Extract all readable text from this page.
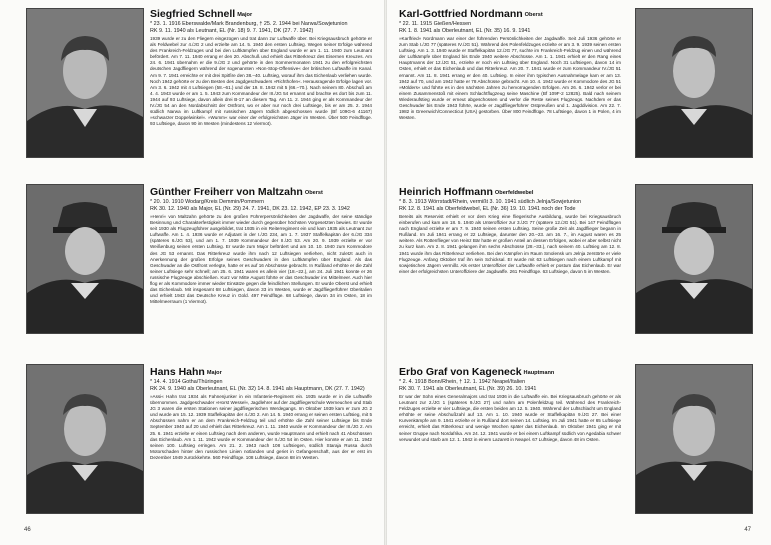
Siegfried Schnell Major
* 23. 1. 1916 Eberswalde/Mark Brandenburg, † 25. 2. 1944 bei Narwa/Sowjetunion
RK 9. 11. 1940 als Leutnant, EL (Nr. 18) 9. 7. 1941, DK (27. 7. 1942)

1939 wurde er zu den Fliegern eingezogen und trat dann zur Luftwaffe über. Bei Kriegsausbruch gehörte er als Feldwebel zur 4./JG 2 und erzielte am 14. 5. 1940 den ersten Luftsieg. Wegen seiner Erfolge während des Frankreich-Feldzuges und bei den Luftkämpfen über England wurde er am 1. 11. 1940 zum Leutnant befördert. Am 7. 11. 1940 errang er den 20. Abschuß und erhielt das Ritterkreuz des Eisernen Kreuzes. Am 24. 6. 1941 übernahm er die 9./JG 2 und gehörte in den Sommermonaten 1941 zu den erfolgreichsten deutschen Jagdfliegern während der sogenannten »Non-Stop-Offensive« der britischen Luftwaffe im Kanal. Am 9. 7. 1941 erreichte er mit drei Spitfire den 38.–40. Luftsieg, worauf ihm das Eichenlaub verliehen wurde. Noch 1942 gehörte er zu den Besten des Jagdgeschwaders »Richthofen«. Herausragende Erfolge lagen vor. Am 3. 6. 1942 mit 4 Luftsiegen (58.–61.) und der 19. 8. 1942 mit 5 (66.–70.). Nach seinem 80. Abschuß am 4. 4. 1943 wurde er am 1. 5. 1943 zum Kommandeur der III./JG 54 ernannt und brachte es dort bis zum 11. 1944 auf 93 Luftsiege, davon allein drei B-17 an diesem Tag. Am 11. 2. 1944 ging er als Kommandeur der IV./JG 54 an den Nordabschnitt der Ostfront, wo er aber nur noch drei Luftsiege, bis er am 25. 2. 1944 südlich Narwa im Luftkampf mit russischen Jägern tödlich abgeschossen wurde (Bf 109G-6 41167) »schwarzer Doppelwinkel«. »Wumm« war einer der erfolgreichsten Jäger im Westen. Über 500 Feindflüge. 93 Luftsiege, davon 90 im Westen (mindestens 12 Viermot).

Günther Freiherr von Maltzahn Oberst
* 20. 10. 1910 Wodarg/Kreis Demmin/Pommern
RK 30. 12. 1940 als Major, EL (Nr. 29) 24. 7. 1941, DK 23. 12. 1942, EP 23. 3. 1942

»Henri« von Maltzahn gehörte zu den großen Führerpersönlichkeiten der Jagdwaffe, der seine ständige Besinnung und Charakterfestigkeit immer wieder durch gegenüber höchsten Vorgesetzten bewies. Er wurde seit 1930 als Flugzeugführer ausgebildet, trat 1935 in ein Reiterregiment ein und kam 1935 als Leutnant zur Luftwaffe. Am 1. 4. 1936 wurde er Adjutant in der I./JG 234, am 1. 7. 1937 Staffelkapitän der 6./JG 334 (späteres 6./JG 53), und am 1. 7. 1939 Kommandeur der II./JG 53. Am 20. 9. 1939 erzielte er vor Weißenburg seinen ersten Luftsieg. Er wurde zum Major befördert und am 10. 10. 1940 zum Kommodore des JG 53 ernannt. Das Ritterkreuz wurde ihm nach 12 Luftsiegen verliehen, nicht zuletzt auch in Anerkennung der großen Erfolge seines Geschwaders in den Luftkämpfen über England. Als das Geschwader an die Ostfront verlegte, hatte er es auf 16 Abschüsse gebracht. In Rußland erhöhte er die Zahl seiner Luftsiege sehr schnell; am 25. 6. 1941 waren es allein vier (18.–22.), am 24. Juli 1941 konnte er 26 russische Flugzeuge abschießen. Kurz vor Mitte August führte er das Geschwader ins Mittelmeer. Auch hier flog er als Kommodore immer wieder Einsätze gegen die feindlichen Stellungen. Er wurde Oberst und erhielt das Eichenlaub. Mit insgesamt 68 Luftsiegen, davon 33 im Westen, wurde er Jagdfliegerführer Oberitalien und erhielt 1943 das Deutsche Kreuz in Gold. 497 Feindflüge. 68 Luftsiege, davon 34 im Osten, 18 im Mittelmeerraum (1 Viermot).

Hans Hahn Major
* 14. 4. 1914 Gotha/Thüringen
RK 24. 9. 1940 als Oberleutnant, EL (Nr. 32) 14. 8. 1941 als Hauptmann, DK (27. 7. 1942)

»Assi« Hahn trat 1934 als Fahnenjunker in ein Infanterie-Regiment ein. 1935 wurde er in die Luftwaffe übernommen. Jagdgeschwader »Horst Wessel«, Jagdlehrer auf der Jagdfliegerschule Werneuchen und Stab JG 3 waren die ersten Stationen seiner jagdfliegerischen Werdegangs. Im Oktober 1939 kam er zum JG 2 und wurde am 15. 12. 1939 Staffelkapitän der 4./JG 2. Am 14. 5. 1940 errang er seinen ersten Luftsieg, mit 5 Abschüssen nahm er an dem Frankreich-Feldzug teil und erhöhte die Zahl seiner Luftsiege bis Ende September 1940 auf 20 und erhielt das Ritterkreuz. Am 1. 11. 1940 wurde er Kommandeur der III./JG 2. Am 25. 6. 1941 erzielte er einen Luftsieg nach dem anderen, wurde Hauptmann und erhielt nach 41 Abschüssen das Eichenlaub. Am 1. 11. 1942 wurde er Kommandeur der II./JG 54 im Osten. Hier konnte er am 11. 1942 seinen 100. Luftsieg erringen. Am 21. 2. 1943 nach 108 Luftsiegen, südlich Staraja Russa durch Motorschaden hinter den russischen Linien notlanden und geriet in Gefangenschaft, aus der er erst im Dezember 1949 zurückkehrte. 560 Feindflüge. 108 Luftsiege, davon 68 im Westen.

46
Karl-Gottfried Nordmann Oberst
* 22. 11. 1915 Gießen/Hessen
RK 1. 8. 1941 als Oberleutnant, EL (Nr. 35) 16. 9. 1941

»Karlfried« Nordmann war einer der führenden Persönlichkeiten der Jagdwaffe. Seit Juli 1936 gehörte er zum Stab I./JG 77 (späteres IV./JG 51). Während des Polenfeldzuges erzielte er am 3. 9. 1939 seinen ersten Luftsieg. Am 1. 3. 1940 wurde er Staffelkapitän 12./JG 77, suchte im Frankreich-Feldzug einen und während der Luftkämpfe über England bis Ende 1940 weitere Abschüsse. Am 1. 1. 1941 erhielt er den Rang eines Hauptmanns der 12./JG 51, erzielte er noch ein Luftsieg über England. Noch 31 Luftsiegen, davon 14 im Osten, erhielt er das Eichenlaub und das Ritterkreuz. Am 20. 7. 1941 wurde er zum Kommandeur IV./JG 51 ernannt. Am 11. 8. 1941 errang er den 40. Luftsieg. In einer ihm typischen Ausnahmelage kam er am 13. 1942 auf 70, und am 1942 hatte er 78 Abschüsse gebracht. Am 10. 4. 1942 wurde er Kommodore des JG 51 »Mölders« und führte es in den nächsten Jahren zu hervorragenden Erfolgen. Am 26. 6. 1942 verlor er bei einem Zusammenstoß mit einem Schlachtflugzeug seine Maschine (Bf 109F-2 12825). Bald nach seinem Wiederaufstieg wurde er erneut abgeschossen und verlor die Reste seines Flugzeugs. Nachdem er das Geschwader bis Ende 1943 führte, wurde er Jagdfliegerführer Ostpreußen und 1. Jagddivision. Am 22. 7. 1982 in Greenwich/Connecticut (USA) gestorben. Über 800 Feindflüge. 78 Luftsiege, davon 1 in Polen, 4 im Westen.

Heinrich Hoffmann Oberfeldwebel
* 8. 3. 1913 Wörrstadt/Rhein, vermißt 3. 10. 1941 südlich Jelnja/Sowjetunion
RK 12. 8. 1941 als Oberfeldwebel, EL (Nr. 36) 19. 10. 1941 noch der Tode

Bereits als Reservist erhielt er vor dem Krieg eine fliegerische Ausbildung, wurde bei Kriegsausbruch einberufen und kam am 18. 5. 1940 als Unteroffizier zur 3./JG 77 (spätere 12./JG 51). Bei 147 Feindflügen nach England erzielte er am 7. 9. 1940 seinen ersten Luftsieg. Seine große Zeit als Jagdflieger begann in Rußland. Im Juli 1941 errang er 22 Luftsiege, darunter den 20.–23. am 16. 7., im August waren es 25 weitere. Als Rottenflieger von Heinz Bär hatte er großen Anteil an dessen Erfolgen, wobei er aber selbst nicht zu kurz kam. Am 2. 8. 1941 gelangen ihm sechs Abschüsse (28.–33.), nach seinem 40. Luftsieg am 12. 8. 1941 wurde ihm das Ritterkreuz verliehen. Bei den Kämpfen im Raum Smolensk um Jelnja zerstörte er viele Flugzeuge. Anfang Oktober traf ihn sein Schicksal. Er wurde mit 63 Luftsiegen nach einem Luftkampf mit sowjetischen Jägern vermißt. Als erster Unteroffizier der Luftwaffe erhielt er postum das Eichenlaub. Er war einer der erfolgreichsten Unteroffiziere der Jagdwaffe. 261 Feindflüge. 63 Luftsiege, davon 5 im Westen.

Erbo Graf von Kageneck Hauptmann
* 2. 4. 1918 Bonn/Rhein, † 12. 1. 1942 Neapel/Italien
RK 30. 7. 1941 als Oberleutnant, EL (Nr. 39) 26. 10. 1941

Er war der Sohn eines Generalmajors und trat 1936 in die Luftwaffe ein. Bei Kriegsausbruch gehörte er als Leutnant zur 2./JG 1 (späteres 9./JG 27) und nahm am Polenfeldzug teil. Während des Frankreich-Feldzuges erzielte er vier Luftsiege, die ersten beiden am 12. 5. 1940. Während der Luftschlacht um England erhöhte er seine Abschußzahl auf 13. Am 1. 10. 1940 wurde er Staffelkapitän 9./JG 27. Bei einer Kurvenkämpfe am 9. 1941 erzielte er in Rußland dort seinen 14. Luftsieg. Im Juli 1941 hatte er 65 Luftsiege erreicht, erhielt das Ritterkreuz und wenige Wochen später das Eichenlaub. Im Oktober 1941 ging er mit seiner Gruppe nach Nordafrika. Am 24. 12. 1941 wurde er bei einem Luftkampf südlich von Agedabia schwer verwundet und starb am 12. 1. 1942 in einem Lazarett in Neapel. 67 Luftsiege, davon 48 im Osten.

47
